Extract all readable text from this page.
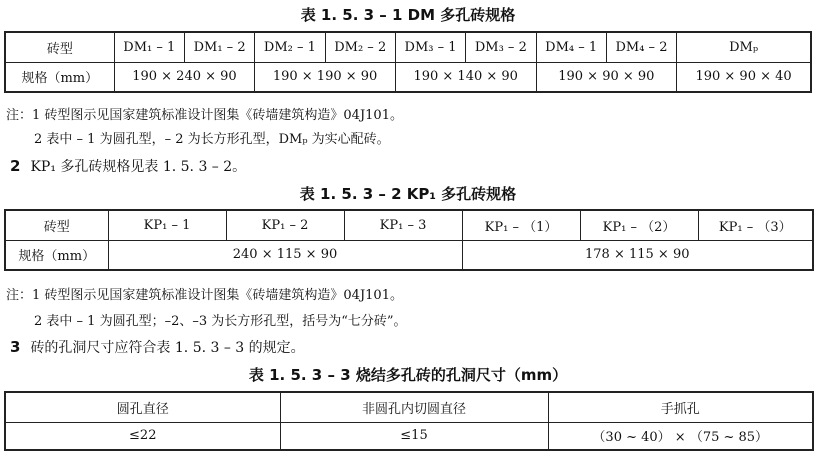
表 1. 5. 3 – 1 DM 多孔砖规格
砖型	DM₁ – 1	DM₁ – 2	DM₂ – 1	DM₂ – 2	DM₃ – 1	DM₃ – 2	DM₄ – 1	DM₄ – 2	DMₚ
规格（mm）	190 × 240 × 90		190 × 190 × 90		190 × 140 × 90		190 × 90 × 90		190 × 90 × 40
注：1 砖型图示见国家建筑标准设计图集《砖墙建筑构造》04J101。
2 表中 – 1 为圆孔型，– 2 为长方形孔型，DMₚ 为实心配砖。
2 KP₁ 多孔砖规格见表 1. 5. 3 – 2。
表 1. 5. 3 – 2 KP₁ 多孔砖规格
砖型	KP₁ – 1	KP₁ – 2	KP₁ – 3	KP₁ – （1）	KP₁ – （2）	KP₁ – （3）
规格（mm）	240 × 115 × 90			178 × 115 × 90		
注：1 砖型图示见国家建筑标准设计图集《砖墙建筑构造》04J101。
2 表中 – 1 为圆孔型；–2、–3 为长方形孔型，括号为“七分砖”。
3 砖的孔洞尺寸应符合表 1. 5. 3 – 3 的规定。
表 1. 5. 3 – 3 烧结多孔砖的孔洞尺寸（mm）
圆孔直径	非圆孔内切圆直径	手抓孔
≤22	≤15	（30 ~ 40） × （75 ~ 85）
